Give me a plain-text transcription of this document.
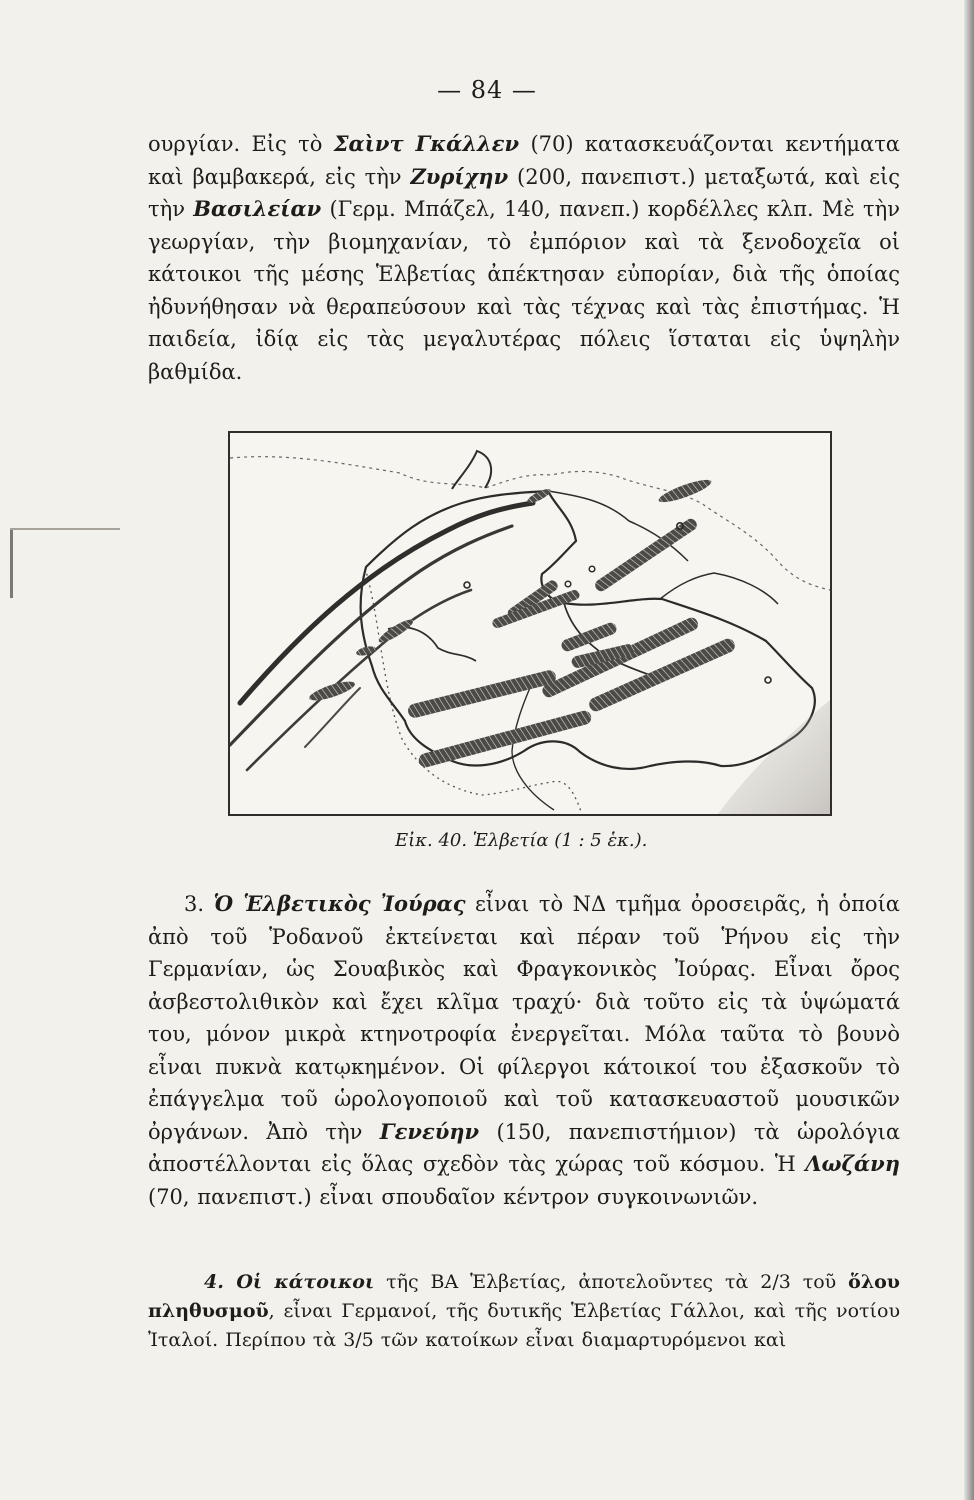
— 84 —
ουργίαν. Εἰς τὸ Σαὶντ Γκάλλεν (70) κατασκευάζονται κεντήματα καὶ βαμβακερά, εἰς τὴν Ζυρίχην (200, πανεπιστ.) μεταξωτά, καὶ εἰς τὴν Βασιλείαν (Γερμ. Μπάζελ, 140, πανεπ.) κορδέλλες κλπ. Μὲ τὴν γεωργίαν, τὴν βιομηχανίαν, τὸ ἐμπόριον καὶ τὰ ξενοδοχεῖα οἱ κάτοικοι τῆς μέσης Ἑλβετίας ἀπέκτησαν εὐπορίαν, διὰ τῆς ὁποίας ἠδυνήθησαν νὰ θεραπεύσουν καὶ τὰς τέχνας καὶ τὰς ἐπιστήμας. Ἡ παιδεία, ἰδίᾳ εἰς τὰς μεγαλυτέρας πόλεις ἵσταται εἰς ὑψηλὴν βαθμίδα.
Εἰκ. 40. Ἑλβετία (1 : 5 ἑκ.).
3. Ὁ Ἑλβετικὸς Ἰούρας εἶναι τὸ ΝΔ τμῆμα ὀροσειρᾶς, ἡ ὁποία ἀπὸ τοῦ Ῥοδανοῦ ἐκτείνεται καὶ πέραν τοῦ Ῥήνου εἰς τὴν Γερμανίαν, ὡς Σουαβικὸς καὶ Φραγκονικὸς Ἰούρας. Εἶναι ὄρος ἀσβεστολιθικὸν καὶ ἔχει κλῖμα τραχύ· διὰ τοῦτο εἰς τὰ ὑψώματά του, μόνον μικρὰ κτηνοτροφία ἐνεργεῖται. Μόλα ταῦτα τὸ βουνὸ εἶναι πυκνὰ κατῳκημένον. Οἱ φίλεργοι κάτοικοί του ἐξασκοῦν τὸ ἐπάγγελμα τοῦ ὡρολογοποιοῦ καὶ τοῦ κατασκευαστοῦ μουσικῶν ὀργάνων. Ἀπὸ τὴν Γενεύην (150, πανεπιστήμιον) τὰ ὡρολόγια ἀποστέλλονται εἰς ὅλας σχεδὸν τὰς χώρας τοῦ κόσμου. Ἡ Λωζάνη (70, πανεπιστ.) εἶναι σπουδαῖον κέντρον συγκοινωνιῶν.
4. Οἱ κάτοικοι τῆς ΒΑ Ἑλβετίας, ἀποτελοῦντες τὰ 2/3 τοῦ ὅλου πληθυσμοῦ, εἶναι Γερμανοί, τῆς δυτικῆς Ἑλβετίας Γάλλοι, καὶ τῆς νοτίου Ἰταλοί. Περίπου τὰ 3/5 τῶν κατοίκων εἶναι διαμαρτυρόμενοι καὶ
